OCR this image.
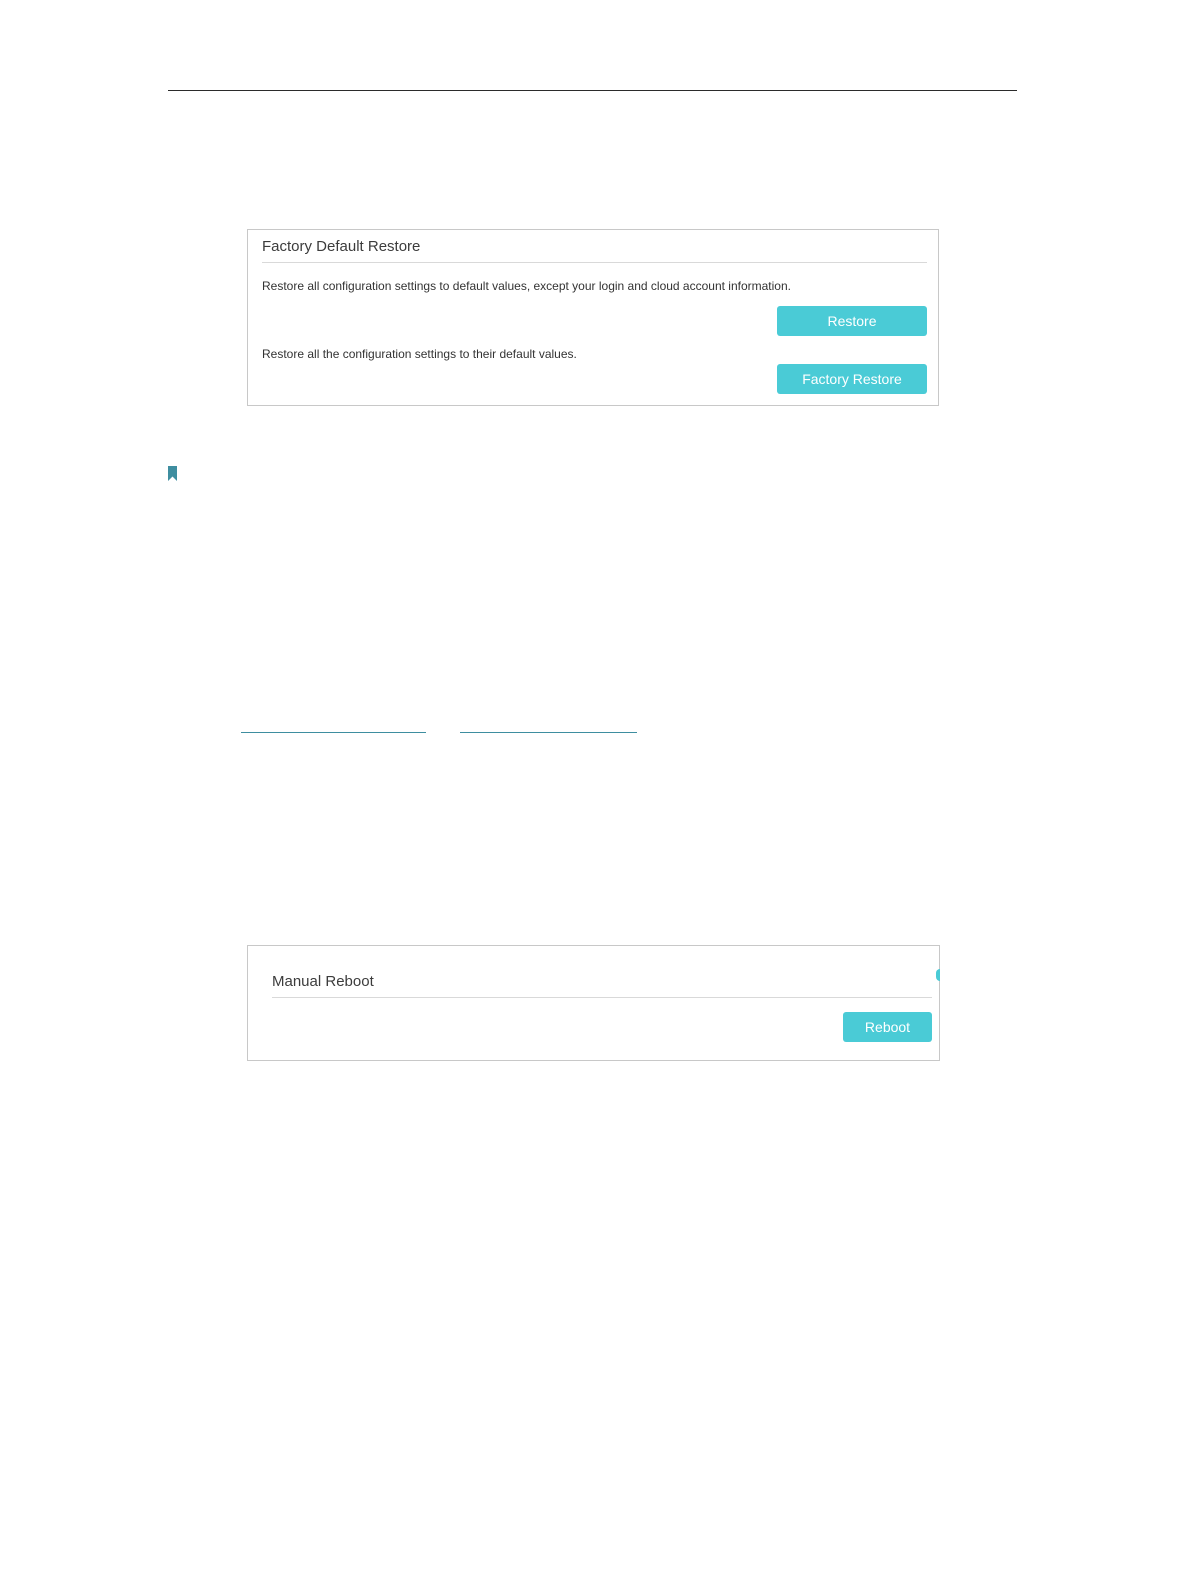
Factory Default Restore
Restore all configuration settings to default values, except your login and cloud account information.
Restore
Restore all the configuration settings to their default values.
Factory Restore
Manual Reboot
Reboot
